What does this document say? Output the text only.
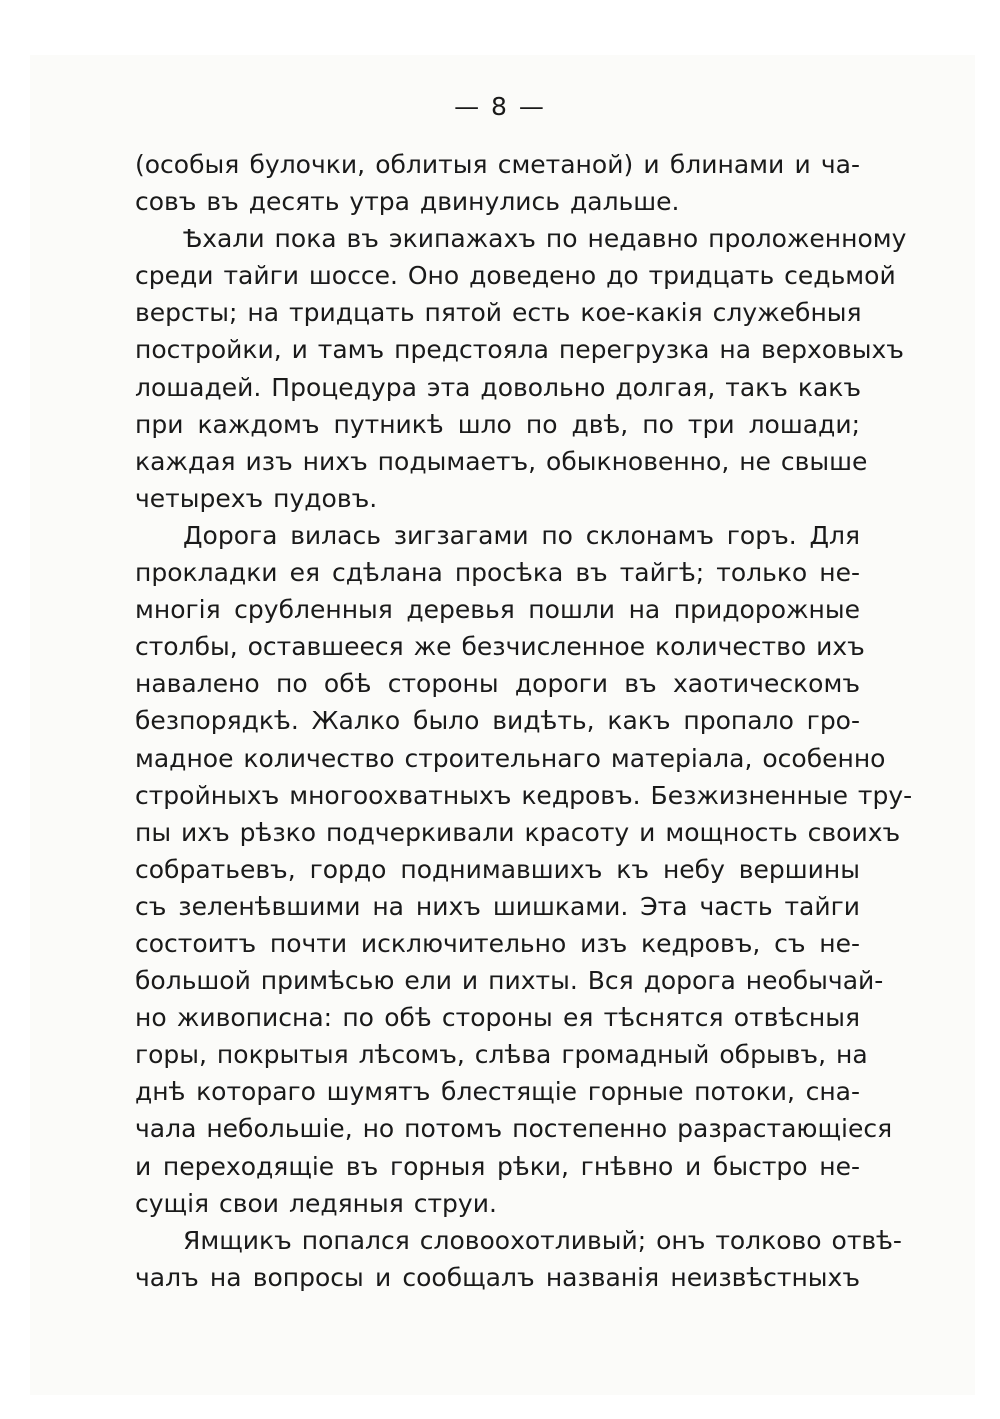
— 8 —
(особыя булочки, облитыя сметаной) и блинами и ча-
совъ въ десять утра двинулись дальше.
Ѣхали пока въ экипажахъ по недавно проложенному
среди тайги шоссе. Оно доведено до тридцать седьмой
версты; на тридцать пятой есть кое-какія служебныя
постройки, и тамъ предстояла перегрузка на верховыхъ
лошадей. Процедура эта довольно долгая, такъ какъ
при каждомъ путникѣ шло по двѣ, по три лошади;
каждая изъ нихъ подымаетъ, обыкновенно, не свыше
четырехъ пудовъ.
Дорога вилась зигзагами по склонамъ горъ. Для
прокладки ея сдѣлана просѣка въ тайгѣ; только не-
многія срубленныя деревья пошли на придорожные
столбы, оставшееся же безчисленное количество ихъ
навалено по обѣ стороны дороги въ хаотическомъ
безпорядкѣ. Жалко было видѣть, какъ пропало гро-
мадное количество строительнаго матеріала, особенно
стройныхъ многоохватныхъ кедровъ. Безжизненные тру-
пы ихъ рѣзко подчеркивали красоту и мощность своихъ
собратьевъ, гордо поднимавшихъ къ небу вершины
съ зеленѣвшими на нихъ шишками. Эта часть тайги
состоитъ почти исключительно изъ кедровъ, съ не-
большой примѣсью ели и пихты. Вся дорога необычай-
но живописна: по обѣ стороны ея тѣснятся отвѣсныя
горы, покрытыя лѣсомъ, слѣва громадный обрывъ, на
днѣ котораго шумятъ блестящіе горные потоки, сна-
чала небольшіе, но потомъ постепенно разрастающіеся
и переходящіе въ горныя рѣки, гнѣвно и быстро не-
сущія свои ледяныя струи.
Ямщикъ попался словоохотливый; онъ толково отвѣ-
чалъ на вопросы и сообщалъ названія неизвѣстныхъ
